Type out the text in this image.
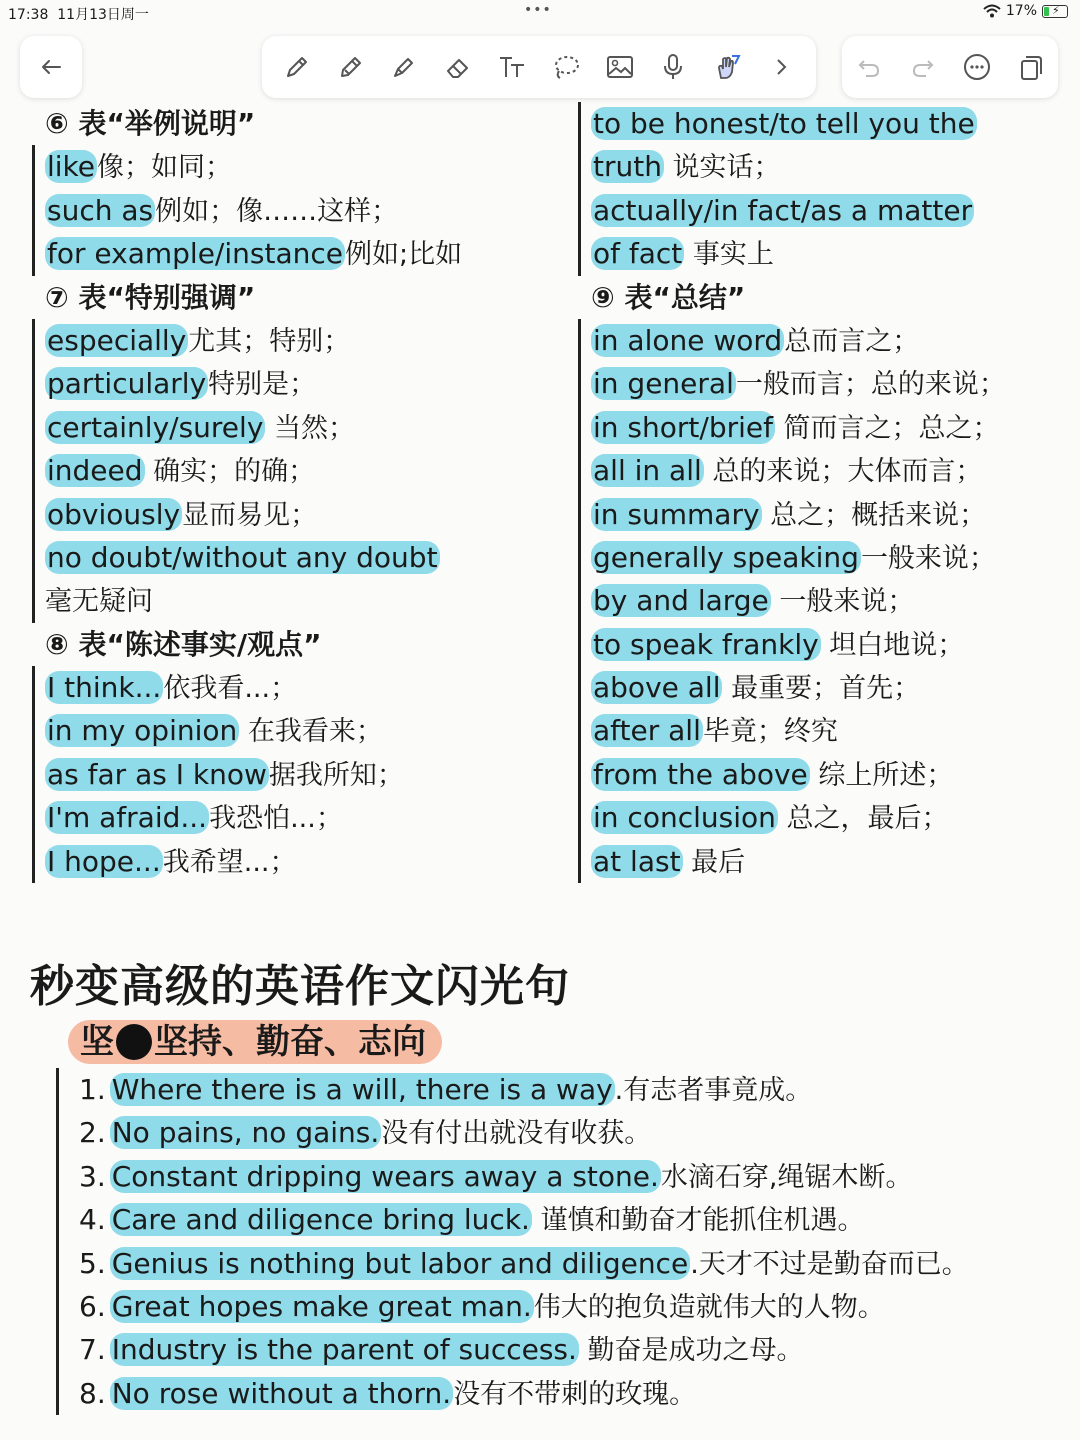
17:38 11月13日周一	•••	17% ⚡
⑥ 表“举例说明”
like像；如同；
such as例如；像……这样；
for example/instance例如;比如
⑦ 表“特别强调”
especially尤其；特别；
particularly特别是；
certainly/surely 当然；
indeed 确实；的确；
obviously显而易见；
no doubt/without any doubt
毫无疑问
⑧ 表“陈述事实/观点”
I think...依我看...；
in my opinion 在我看来；
as far as I know据我所知；
I'm afraid...我恐怕...；
I hope...我希望...；
to be honest/to tell you the
truth 说实话；
actually/in fact/as a matter
of fact 事实上
⑨ 表“总结”
in alone word总而言之；
in general一般而言；总的来说；
in short/brief 简而言之；总之；
all in all 总的来说；大体而言；
in summary 总之；概括来说；
generally speaking一般来说；
by and large 一般来说；
to speak frankly 坦白地说；
above all 最重要；首先；
after all毕竟；终究
from the above 综上所述；
in conclusion 总之，最后；
at last 最后
秒变高级的英语作文闪光句
坚 坚持、勤奋、志向
1. Where there is a will, there is a way.有志者事竟成。
2. No pains, no gains.没有付出就没有收获。
3. Constant dripping wears away a stone.水滴石穿,绳锯木断。
4. Care and diligence bring luck. 谨慎和勤奋才能抓住机遇。
5. Genius is nothing but labor and diligence.天才不过是勤奋而已。
6. Great hopes make great man.伟大的抱负造就伟大的人物。
7. Industry is the parent of success. 勤奋是成功之母。
8. No rose without a thorn.没有不带刺的玫瑰。
